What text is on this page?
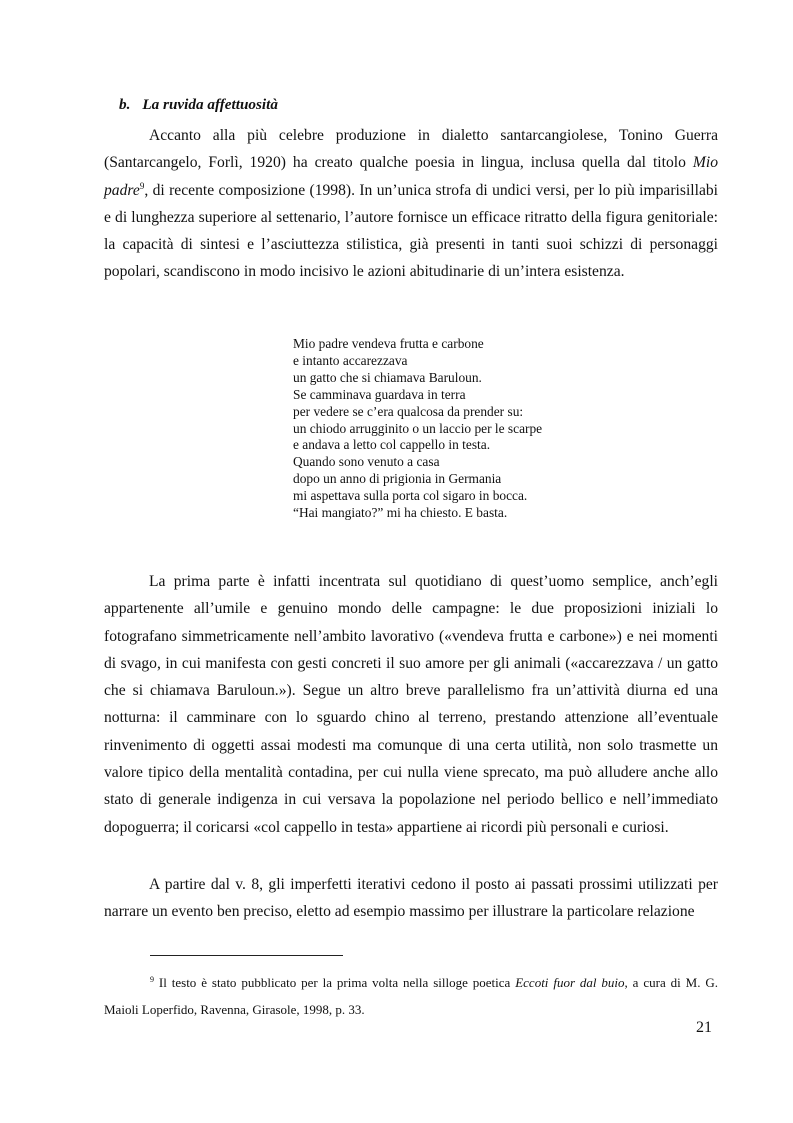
b. La ruvida affettuosità

Accanto alla più celebre produzione in dialetto santarcangiolese, Tonino Guerra (Santarcangelo, Forlì, 1920) ha creato qualche poesia in lingua, inclusa quella dal titolo Mio padre$^9$, di recente composizione (1998). In un’unica strofa di undici versi, per lo più imparisillabi e di lunghezza superiore al settenario, l’autore fornisce un efficace ritratto della figura genitoriale: la capacità di sintesi e l’asciuttezza stilistica, già presenti in tanti suoi schizzi di personaggi popolari, scandiscono in modo incisivo le azioni abitudinarie di un’intera esistenza.

Mio padre vendeva frutta e carbone
e intanto accarezzava
un gatto che si chiamava Baruloun.
Se camminava guardava in terra
per vedere se c’era qualcosa da prender su:
un chiodo arrugginito o un laccio per le scarpe
e andava a letto col cappello in testa.
Quando sono venuto a casa
dopo un anno di prigionia in Germania
mi aspettava sulla porta col sigaro in bocca.
“Hai mangiato?” mi ha chiesto. E basta.

La prima parte è infatti incentrata sul quotidiano di quest’uomo semplice, anch’egli appartenente all’umile e genuino mondo delle campagne: le due proposizioni iniziali lo fotografano simmetricamente nell’ambito lavorativo («vendeva frutta e carbone») e nei momenti di svago, in cui manifesta con gesti concreti il suo amore per gli animali («accarezzava / un gatto che si chiamava Baruloun.»). Segue un altro breve parallelismo fra un’attività diurna ed una notturna: il camminare con lo sguardo chino al terreno, prestando attenzione all’eventuale rinvenimento di oggetti assai modesti ma comunque di una certa utilità, non solo trasmette un valore tipico della mentalità contadina, per cui nulla viene sprecato, ma può alludere anche allo stato di generale indigenza in cui versava la popolazione nel periodo bellico e nell’immediato dopoguerra; il coricarsi «col cappello in testa» appartiene ai ricordi più personali e curiosi.

A partire dal v. 8, gli imperfetti iterativi cedono il posto ai passati prossimi utilizzati per narrare un evento ben preciso, eletto ad esempio massimo per illustrare la particolare relazione

$^9$ Il testo è stato pubblicato per la prima volta nella silloge poetica Eccoti fuor dal buio, a cura di M. G. Maioli Loperfido, Ravenna, Girasole, 1998, p. 33.

21
